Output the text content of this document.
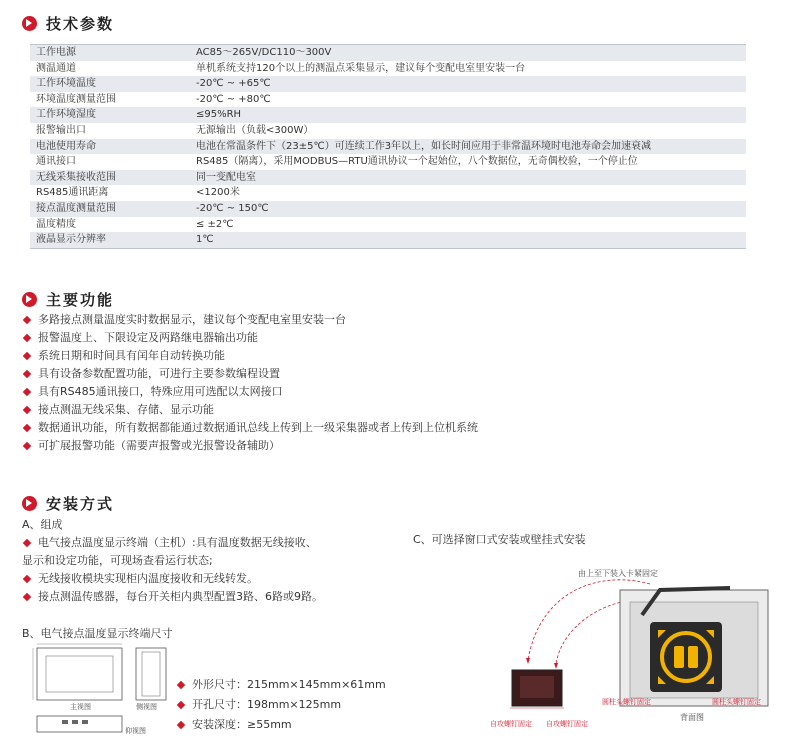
技术参数
工作电源	AC85～265V/DC110～300V
测温通道	单机系统支持120个以上的测温点采集显示，建议每个变配电室里安装一台
工作环境温度	-20℃ ~ +65℃
环境温度测量范围	-20℃ ~ +80℃
工作环境湿度	≤95%RH
报警输出口	无源输出（负载<300W）
电池使用寿命	电池在常温条件下（23±5℃）可连续工作3年以上，如长时间应用于非常温环境时电池寿命会加速衰减
通讯接口	RS485（隔离），采用MODBUS—RTU通讯协议一个起始位，八个数据位，无奇偶校验，一个停止位
无线采集接收范围	同一变配电室
RS485通讯距离	<1200米
接点温度测量范围	-20℃ ~ 150℃
温度精度	≤ ±2℃
液晶显示分辨率	1℃
主要功能
多路接点测量温度实时数据显示，建议每个变配电室里安装一台
报警温度上、下限设定及两路继电器输出功能
系统日期和时间具有闰年自动转换功能
具有设备参数配置功能，可进行主要参数编程设置
具有RS485通讯接口，特殊应用可选配以太网接口
接点测温无线采集、存储、显示功能
数据通讯功能，所有数据都能通过数据通讯总线上传到上一级采集器或者上传到上位机系统
可扩展报警功能（需要声报警或光报警设备辅助）
安装方式
A、组成
电气接点温度显示终端（主机）:具有温度数据无线接收、
显示和设定功能，可现场查看运行状态;
无线接收模块实现柜内温度接收和无线转发。
接点测温传感器，每台开关柜内典型配置3路、6路或9路。
B、电气接点温度显示终端尺寸
主视图	侧视图
仰视图
外形尺寸：215mm×145mm×61mm
开孔尺寸：198mm×125mm
安装深度：≥55mm
C、可选择窗口式安装或壁挂式安装
由上至下装入卡紧固定
圆柱头螺钉固定	圆柱头螺钉固定
自攻螺钉固定 自攻螺钉固定
背面图
